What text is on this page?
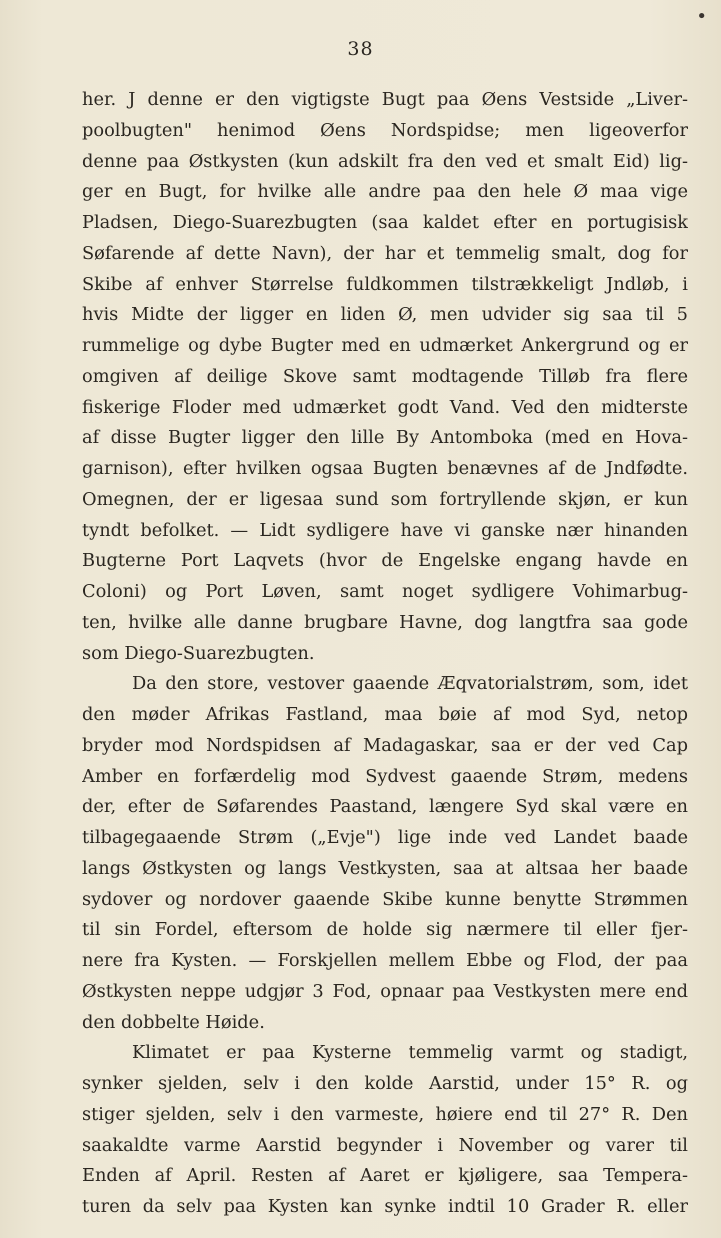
•
38
her. J denne er den vigtigste Bugt paa Øens Vestside „Liver-
poolbugten" henimod Øens Nordspidse; men ligeoverfor
denne paa Østkysten (kun adskilt fra den ved et smalt Eid) lig-
ger en Bugt, for hvilke alle andre paa den hele Ø maa vige
Pladsen, Diego-Suarezbugten (saa kaldet efter en portugisisk
Søfarende af dette Navn), der har et temmelig smalt, dog for
Skibe af enhver Størrelse fuldkommen tilstrækkeligt Jndløb, i
hvis Midte der ligger en liden Ø, men udvider sig saa til 5
rummelige og dybe Bugter med en udmærket Ankergrund og er
omgiven af deilige Skove samt modtagende Tilløb fra flere
fiskerige Floder med udmærket godt Vand. Ved den midterste
af disse Bugter ligger den lille By Antomboka (med en Hova-
garnison), efter hvilken ogsaa Bugten benævnes af de Jndfødte.
Omegnen, der er ligesaa sund som fortryllende skjøn, er kun
tyndt befolket. — Lidt sydligere have vi ganske nær hinanden
Bugterne Port Laqvets (hvor de Engelske engang havde en
Coloni) og Port Løven, samt noget sydligere Vohimarbug-
ten, hvilke alle danne brugbare Havne, dog langtfra saa gode
som Diego-Suarezbugten.
Da den store, vestover gaaende Æqvatorialstrøm, som, idet
den møder Afrikas Fastland, maa bøie af mod Syd, netop
bryder mod Nordspidsen af Madagaskar, saa er der ved Cap
Amber en forfærdelig mod Sydvest gaaende Strøm, medens
der, efter de Søfarendes Paastand, længere Syd skal være en
tilbagegaaende Strøm („Evje") lige inde ved Landet baade
langs Østkysten og langs Vestkysten, saa at altsaa her baade
sydover og nordover gaaende Skibe kunne benytte Strømmen
til sin Fordel, eftersom de holde sig nærmere til eller fjer-
nere fra Kysten. — Forskjellen mellem Ebbe og Flod, der paa
Østkysten neppe udgjør 3 Fod, opnaar paa Vestkysten mere end
den dobbelte Høide.
Klimatet er paa Kysterne temmelig varmt og stadigt,
synker sjelden, selv i den kolde Aarstid, under 15° R. og
stiger sjelden, selv i den varmeste, høiere end til 27° R. Den
saakaldte varme Aarstid begynder i November og varer til
Enden af April. Resten af Aaret er kjøligere, saa Tempera-
turen da selv paa Kysten kan synke indtil 10 Grader R. eller
